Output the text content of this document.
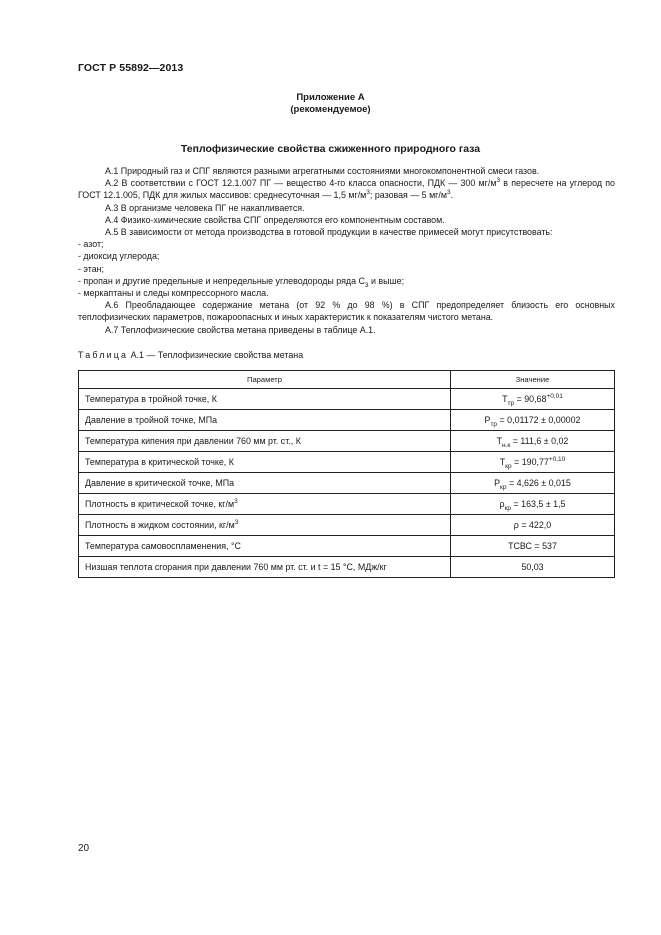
ГОСТ Р 55892—2013
Приложение А
(рекомендуемое)
Теплофизические свойства сжиженного природного газа

А.1 Природный газ и СПГ являются разными агрегатными состояниями многокомпонентной смеси газов.

А.2 В соответствии с ГОСТ 12.1.007 ПГ — вещество 4-го класса опасности, ПДК — 300 $мг/м^3$ в пересчете на углерод по ГОСТ 12.1.005, ПДК для жилых массивов: среднесуточная — 1,5 $мг/м^3$; разовая — 5 $мг/м^3$.

А.3 В организме человека ПГ не накапливается.

А.4 Физико-химические свойства СПГ определяются его компонентным составом.

А.5 В зависимости от метода производства в готовой продукции в качестве примесей могут присутствовать:

- азот;

- диоксид углерода;

- этан;

- пропан и другие предельные и непредельные углеводороды ряда $С_3$ и выше;

- меркаптаны и следы компрессорного масла.

А.6 Преобладающее содержание метана (от 92 % до 98 %) в СПГ предопределяет близость его основных теплофизических параметров, пожароопасных и иных характеристик к показателям чистого метана.

А.7 Теплофизические свойства метана приведены в таблице А.1.

Таблица А.1 — Теплофизические свойства метана
Параметр	Значение
Температура в тройной точке, К	$Т_{тр} = 90,68^{+0,01}$
Давление в тройной точке, МПа	$Р_{тр} = 0,01172 \pm 0,00002$
Температура кипения при давлении 760 мм рт. ст., К	$Т_{н.к} = 111,6 \pm 0,02$
Температура в критической точке, К	$Т_{кр} = 190,77^{+0,10}$
Давление в критической точке, МПа	$Р_{кр} = 4,626 \pm 0,015$
Плотность в критической точке, $кг/м^3$	$\rho_{кр} = 163,5 \pm 1,5$
Плотность в жидком состоянии, $кг/м^3$	ρ = 422,0
Температура самовоспламенения, °С	ТСВС = 537
Низшая теплота сгорания при давлении 760 мм рт. ст. и t = 15 °С, МДж/кг	50,03
20
